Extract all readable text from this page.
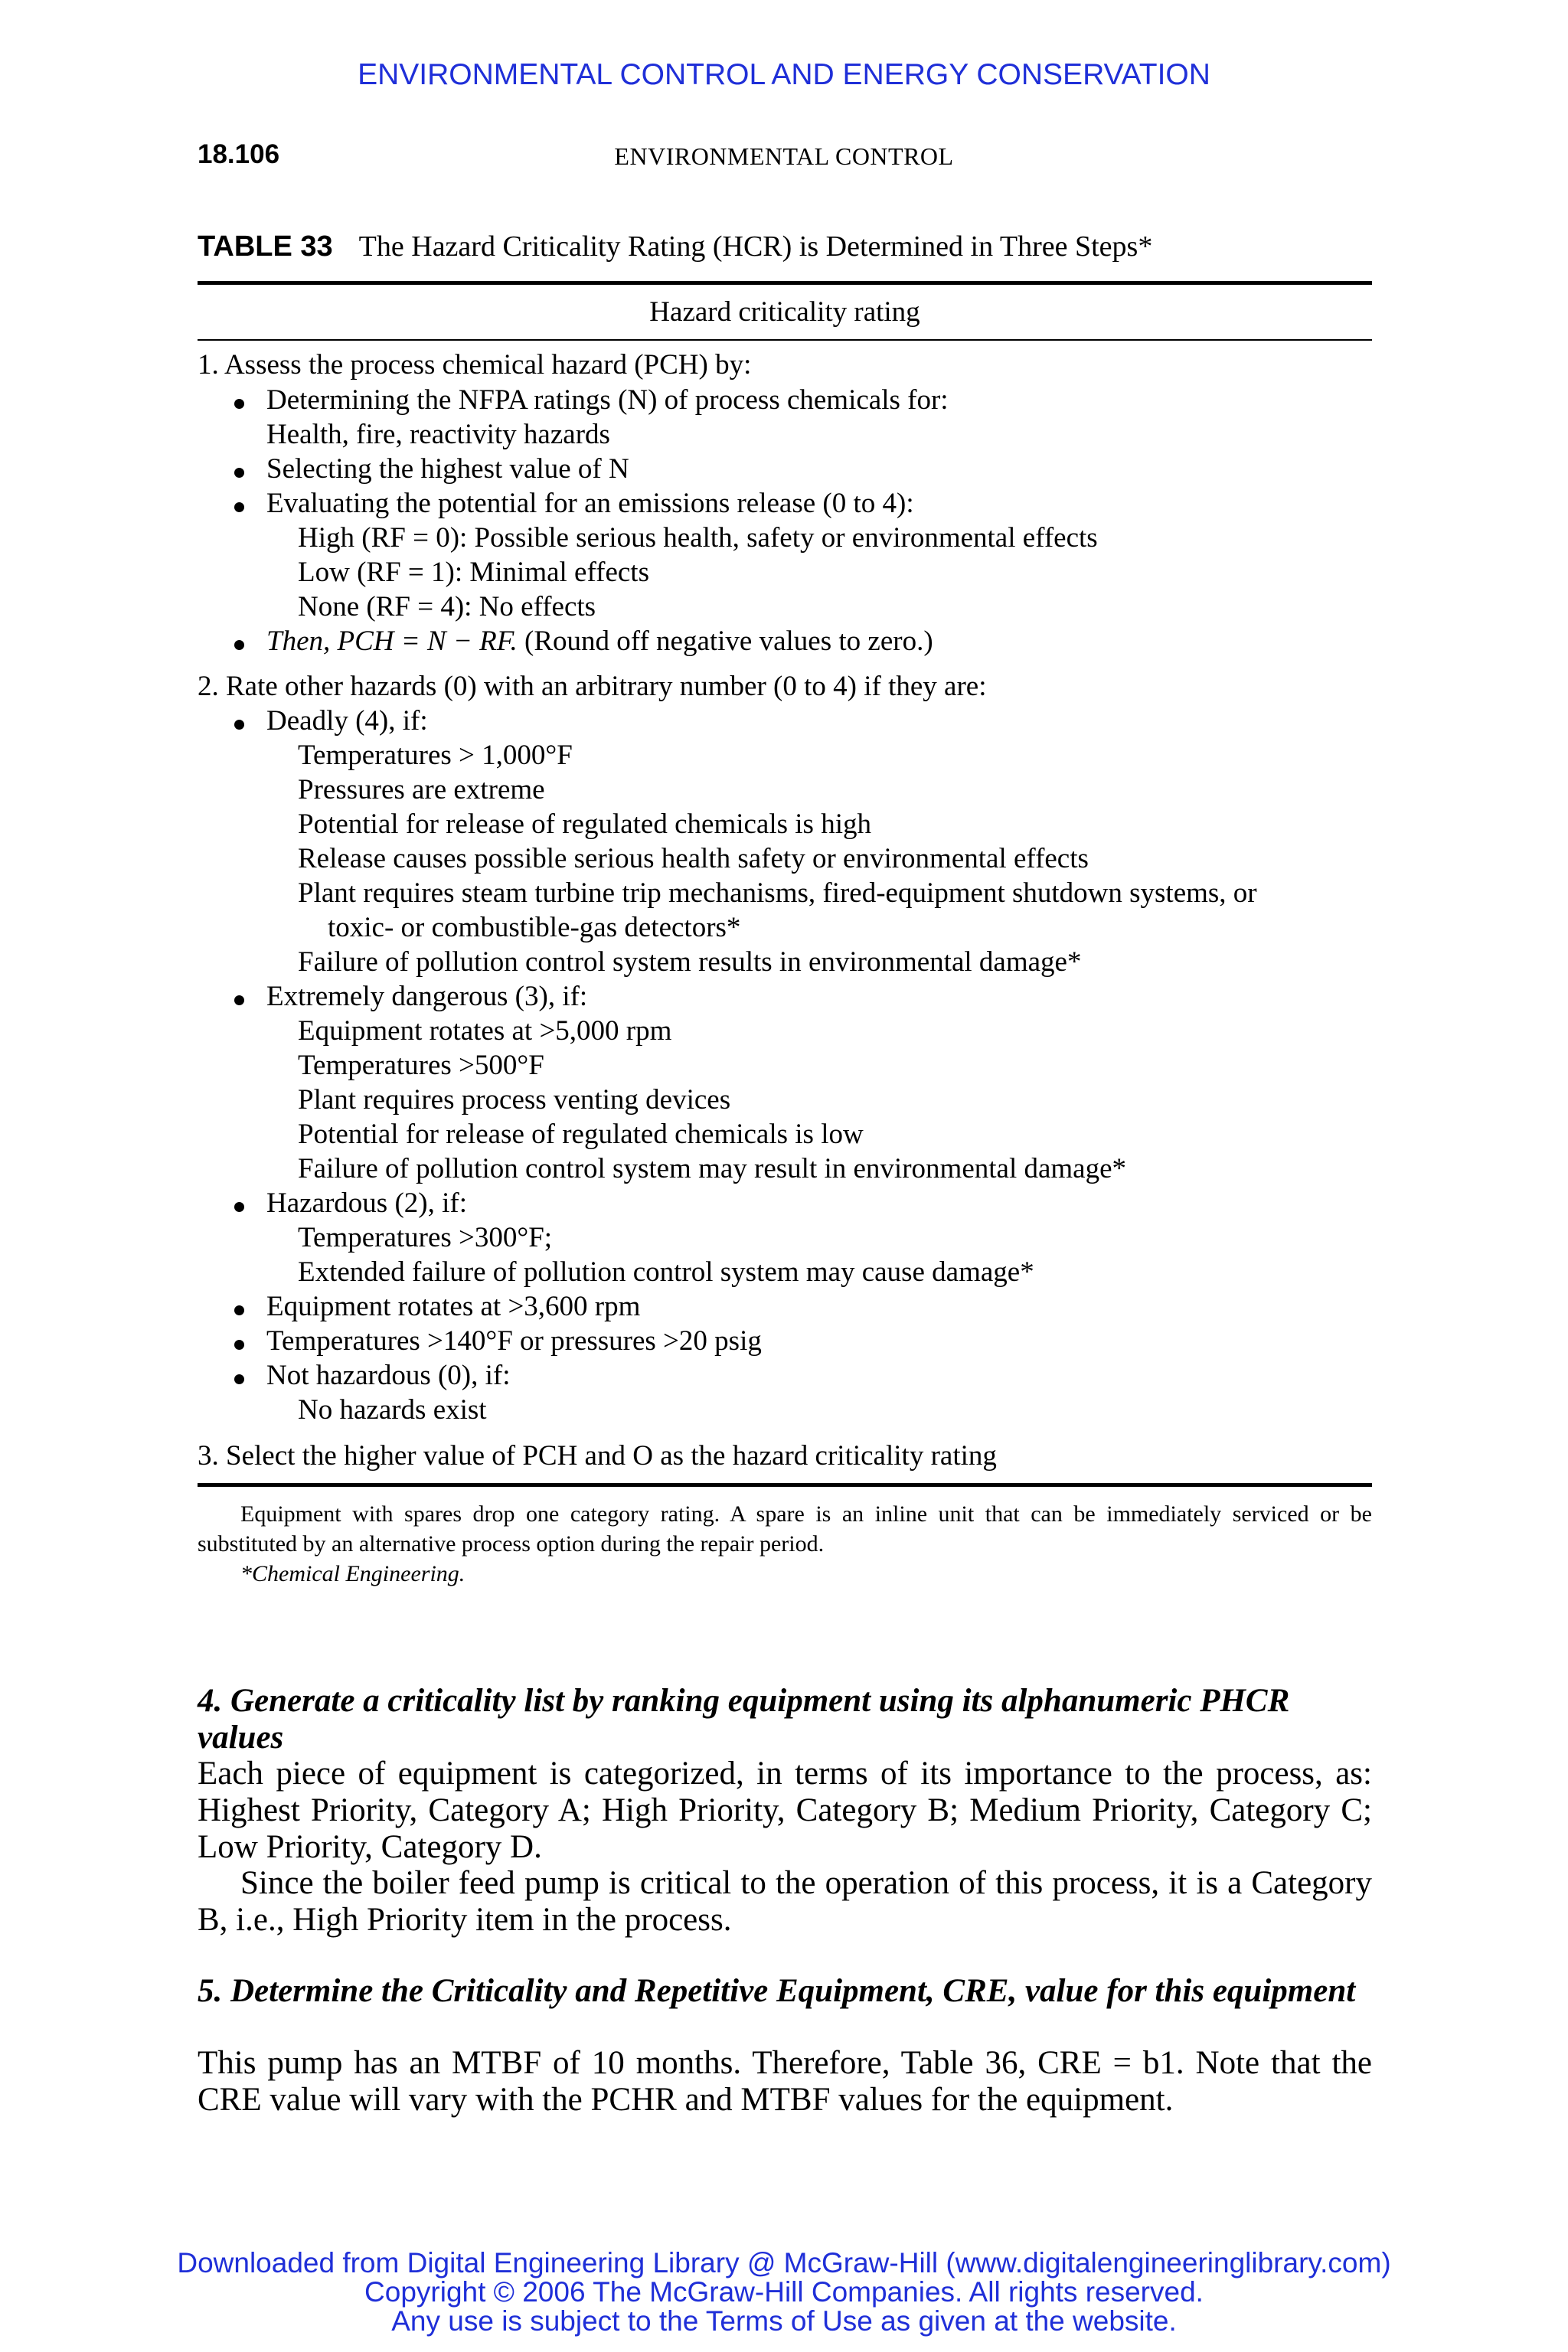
ENVIRONMENTAL CONTROL AND ENERGY CONSERVATION
18.106	ENVIRONMENTAL CONTROL
TABLE 33 The Hazard Criticality Rating (HCR) is Determined in Three Steps*
Hazard criticality rating
1. Assess the process chemical hazard (PCH) by:
Determining the NFPA ratings (N) of process chemicals for:
Health, fire, reactivity hazards
Selecting the highest value of N
Evaluating the potential for an emissions release (0 to 4):
High (RF = 0): Possible serious health, safety or environmental effects
Low (RF = 1): Minimal effects
None (RF = 4): No effects
Then, PCH = N − RF. (Round off negative values to zero.)
2. Rate other hazards (0) with an arbitrary number (0 to 4) if they are:
Deadly (4), if:
Temperatures > 1,000°F
Pressures are extreme
Potential for release of regulated chemicals is high
Release causes possible serious health safety or environmental effects
Plant requires steam turbine trip mechanisms, fired-equipment shutdown systems, or
toxic- or combustible-gas detectors*
Failure of pollution control system results in environmental damage*
Extremely dangerous (3), if:
Equipment rotates at >5,000 rpm
Temperatures >500°F
Plant requires process venting devices
Potential for release of regulated chemicals is low
Failure of pollution control system may result in environmental damage*
Hazardous (2), if:
Temperatures >300°F;
Extended failure of pollution control system may cause damage*
Equipment rotates at >3,600 rpm
Temperatures >140°F or pressures >20 psig
Not hazardous (0), if:
No hazards exist
3. Select the higher value of PCH and O as the hazard criticality rating
Equipment with spares drop one category rating. A spare is an inline unit that can be immediately serviced or be substituted by an alternative process option during the repair period.
*Chemical Engineering.
4. Generate a criticality list by ranking equipment using its alphanumeric PHCR values
Each piece of equipment is categorized, in terms of its importance to the process, as: Highest Priority, Category A; High Priority, Category B; Medium Priority, Category C; Low Priority, Category D.
Since the boiler feed pump is critical to the operation of this process, it is a Category B, i.e., High Priority item in the process.
5. Determine the Criticality and Repetitive Equipment, CRE, value for this equipment
This pump has an MTBF of 10 months. Therefore, Table 36, CRE = b1. Note that the CRE value will vary with the PCHR and MTBF values for the equipment.
Downloaded from Digital Engineering Library @ McGraw-Hill (www.digitalengineeringlibrary.com)
Copyright © 2006 The McGraw-Hill Companies. All rights reserved.
Any use is subject to the Terms of Use as given at the website.
